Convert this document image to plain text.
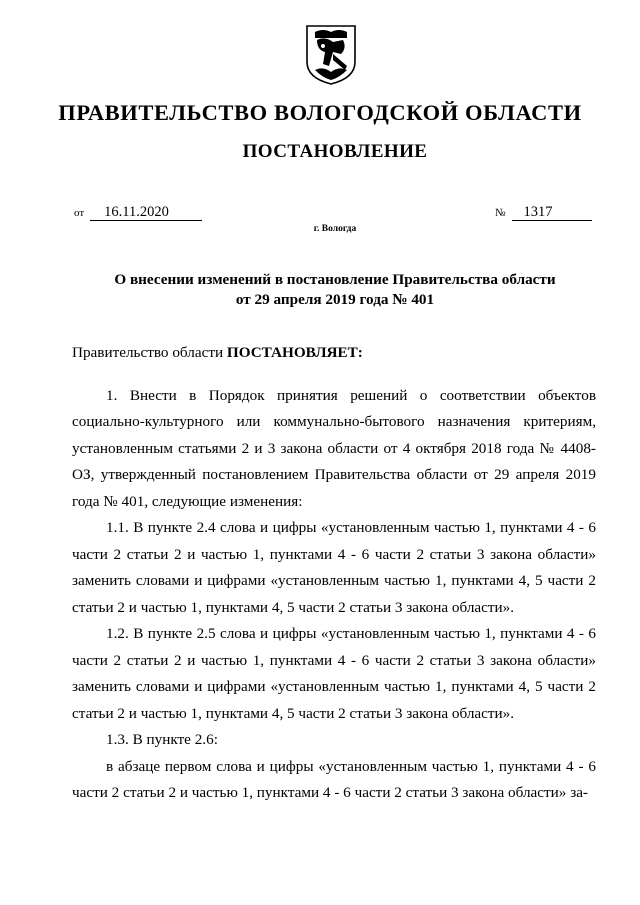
ПРАВИТЕЛЬСТВО ВОЛОГОДСКОЙ ОБЛАСТИ
ПОСТАНОВЛЕНИЕ
от 16.11.2020	№ 1317
г. Вологда
О внесении изменений в постановление Правительства области
от 29 апреля 2019 года № 401

Правительство области ПОСТАНОВЛЯЕТ:

1. Внести в Порядок принятия решений о соответствии объектов социально-культурного или коммунально-бытового назначения критериям, установленным статьями 2 и 3 закона области от 4 октября 2018 года № 4408-ОЗ, утвержденный постановлением Правительства области от 29 апреля 2019 года № 401, следующие изменения:

1.1. В пункте 2.4 слова и цифры «установленным частью 1, пунктами 4 - 6 части 2 статьи 2 и частью 1, пунктами 4 - 6 части 2 статьи 3 закона области» заменить словами и цифрами «установленным частью 1, пунктами 4, 5 части 2 статьи 2 и частью 1, пунктами 4, 5 части 2 статьи 3 закона области».

1.2. В пункте 2.5 слова и цифры «установленным частью 1, пунктами 4 - 6 части 2 статьи 2 и частью 1, пунктами 4 - 6 части 2 статьи 3 закона области» заменить словами и цифрами «установленным частью 1, пунктами 4, 5 части 2 статьи 2 и частью 1, пунктами 4, 5 части 2 статьи 3 закона области».

1.3. В пункте 2.6:

в абзаце первом слова и цифры «установленным частью 1, пунктами 4 - 6 части 2 статьи 2 и частью 1, пунктами 4 - 6 части 2 статьи 3 закона области» за-
